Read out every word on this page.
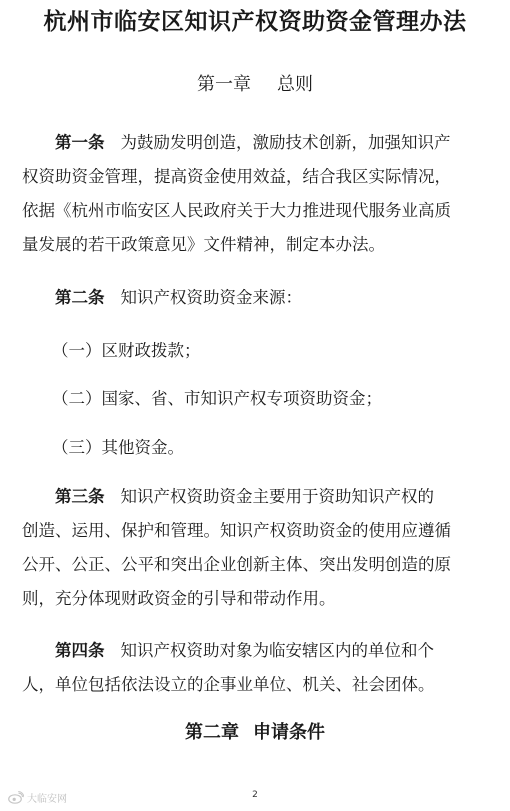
杭州市临安区知识产权资助资金管理办法
第一章 总则
第一条 为鼓励发明创造，激励技术创新，加强知识产
权资助资金管理，提高资金使用效益，结合我区实际情况，
依据《杭州市临安区人民政府关于大力推进现代服务业高质
量发展的若干政策意见》文件精神，制定本办法。
第二条 知识产权资助资金来源：
（一）区财政拨款；
（二）国家、省、市知识产权专项资助资金；
（三）其他资金。
第三条 知识产权资助资金主要用于资助知识产权的
创造、运用、保护和管理。知识产权资助资金的使用应遵循
公开、公正、公平和突出企业创新主体、突出发明创造的原
则，充分体现财政资金的引导和带动作用。
第四条 知识产权资助对象为临安辖区内的单位和个
人，单位包括依法设立的企事业单位、机关、社会团体。
第二章 申请条件
2
大临安网
